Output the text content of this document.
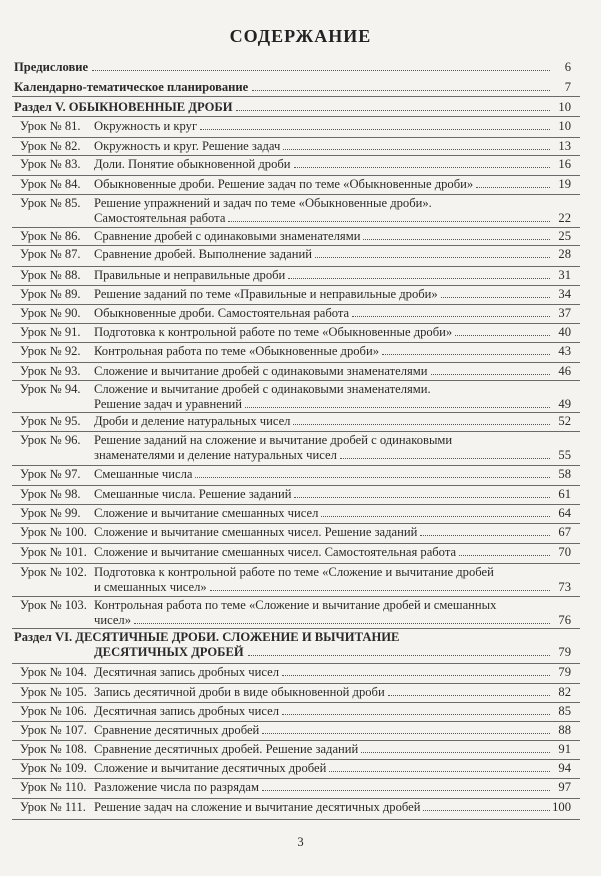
СОДЕРЖАНИЕ
Предисловие	6
Календарно-тематическое планирование	7
Раздел V. ОБЫКНОВЕННЫЕ ДРОБИ	10
Урок № 81. Окружность и круг	10
Урок № 82. Окружность и круг. Решение задач	13
Урок № 83. Доли. Понятие обыкновенной дроби	16
Урок № 84. Обыкновенные дроби. Решение задач по теме «Обыкновенные дроби»	19
Урок № 85. Решение упражнений и задач по теме «Обыкновенные дроби».
Самостоятельная работа	22
Урок № 86. Сравнение дробей с одинаковыми знаменателями	25
Урок № 87. Сравнение дробей. Выполнение заданий	28
Урок № 88. Правильные и неправильные дроби	31
Урок № 89. Решение заданий по теме «Правильные и неправильные дроби»	34
Урок № 90. Обыкновенные дроби. Самостоятельная работа	37
Урок № 91. Подготовка к контрольной работе по теме «Обыкновенные дроби»	40
Урок № 92. Контрольная работа по теме «Обыкновенные дроби»	43
Урок № 93. Сложение и вычитание дробей с одинаковыми знаменателями	46
Урок № 94. Сложение и вычитание дробей с одинаковыми знаменателями.
Решение задач и уравнений	49
Урок № 95. Дроби и деление натуральных чисел	52
Урок № 96. Решение заданий на сложение и вычитание дробей с одинаковыми
знаменателями и деление натуральных чисел	55
Урок № 97. Смешанные числа	58
Урок № 98. Смешанные числа. Решение заданий	61
Урок № 99. Сложение и вычитание смешанных чисел	64
Урок № 100. Сложение и вычитание смешанных чисел. Решение заданий	67
Урок № 101. Сложение и вычитание смешанных чисел. Самостоятельная работа	70
Урок № 102. Подготовка к контрольной работе по теме «Сложение и вычитание дробей
и смешанных чисел»	73
Урок № 103. Контрольная работа по теме «Сложение и вычитание дробей и смешанных
чисел»	76
Раздел VI. ДЕСЯТИЧНЫЕ ДРОБИ. СЛОЖЕНИЕ И ВЫЧИТАНИЕ
ДЕСЯТИЧНЫХ ДРОБЕЙ	79
Урок № 104. Десятичная запись дробных чисел	79
Урок № 105. Запись десятичной дроби в виде обыкновенной дроби	82
Урок № 106. Десятичная запись дробных чисел	85
Урок № 107. Сравнение десятичных дробей	88
Урок № 108. Сравнение десятичных дробей. Решение заданий	91
Урок № 109. Сложение и вычитание десятичных дробей	94
Урок № 110. Разложение числа по разрядам	97
Урок № 111. Решение задач на сложение и вычитание десятичных дробей	100
3
